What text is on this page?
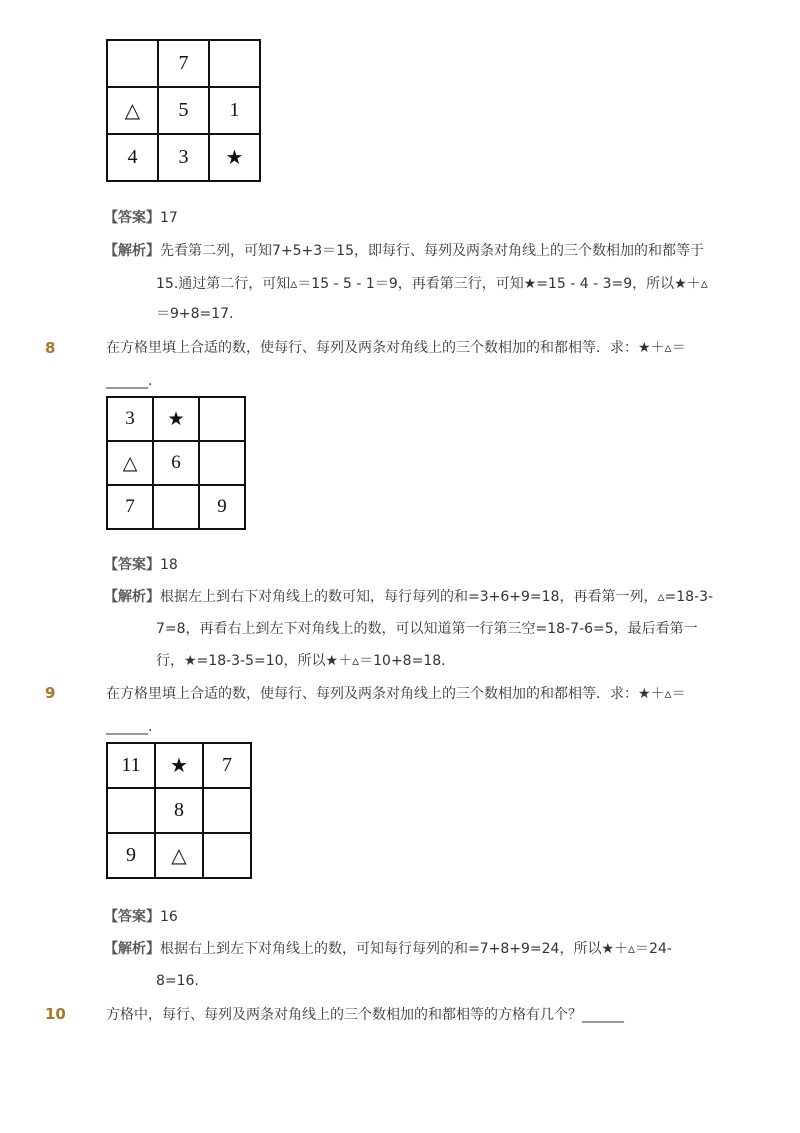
	7	
△	5	1
4	3	★
【答案】17
【解析】先看第二列，可知7+5+3＝15，即每行、每列及两条对角线上的三个数相加的和都等于
15.通过第二行，可知▵＝15 - 5 - 1＝9，再看第三行，可知★=15 - 4 - 3=9，所以★＋▵
＝9+8=17.
8	在方格里填上合适的数，使每行、每列及两条对角线上的三个数相加的和都相等．求：★＋▵＝
______.
3	★	
△	6	
7		9
【答案】18
【解析】根据左上到右下对角线上的数可知，每行每列的和=3+6+9=18，再看第一列，▵=18-3-
7=8，再看右上到左下对角线上的数，可以知道第一行第三空=18-7-6=5，最后看第一
行，★=18-3-5=10，所以★＋▵＝10+8=18.
9	在方格里填上合适的数，使每行、每列及两条对角线上的三个数相加的和都相等．求：★＋▵＝
______.
11	★	7
	8	
9	△	
【答案】16
【解析】根据右上到左下对角线上的数，可知每行每列的和=7+8+9=24，所以★＋▵＝24-
8=16.
10	方格中，每行、每列及两条对角线上的三个数相加的和都相等的方格有几个？______
